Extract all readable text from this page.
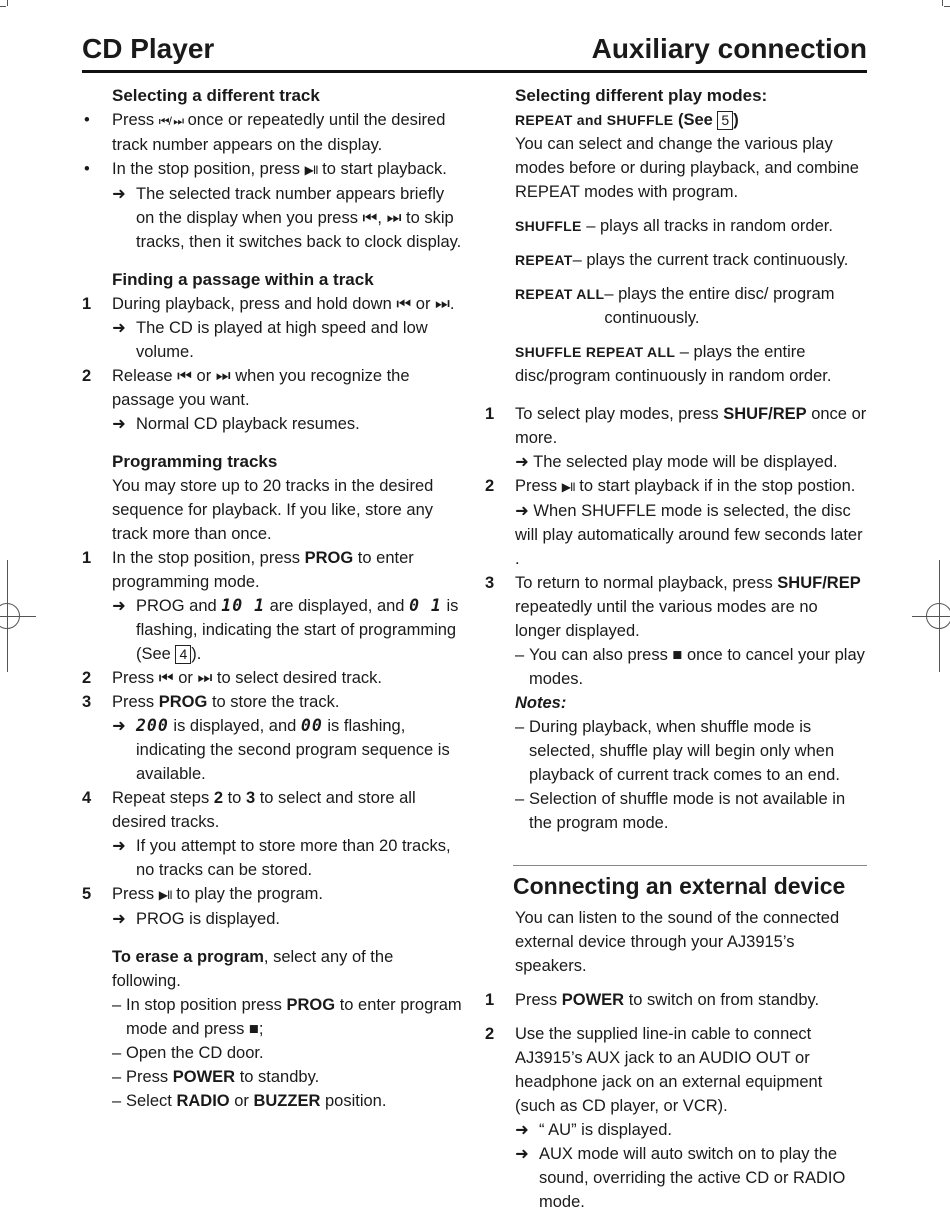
CD Player	Auxiliary connection
Selecting a different track
• Press ⏮/ ⏭ once or repeatedly until the desired track number appears on the display.
• In the stop position, press ▶II to start playback.
➜ The selected track number appears briefly on the display when you press ⏮, ⏭ to skip tracks, then it switches back to clock display.
Finding a passage within a track
1 During playback, press and hold down ⏮ or ⏭.
➜ The CD is played at high speed and low volume.
2 Release ⏮ or ⏭ when you recognize the passage you want.
➜ Normal CD playback resumes.
Programming tracks
You may store up to 20 tracks in the desired sequence for playback. If you like, store any track more than once.
1 In the stop position, press PROG to enter programming mode.
➜ PROG and 10 1 are displayed, and 0 1 is flashing, indicating the start of programming (See 4 ).
2 Press ⏮ or ⏭ to select desired track.
3 Press PROG to store the track.
➜ 200 is displayed, and 00 is flashing, indicating the second program sequence is available.
4 Repeat steps 2 to 3 to select and store all desired tracks.
➜ If you attempt to store more than 20 tracks, no tracks can be stored.
5 Press ▶II to play the program.
➜ PROG is displayed.
To erase a program, select any of the following.
– In stop position press PROG to enter program mode and press ■;
– Open the CD door.
– Press POWER to standby.
– Select RADIO or BUZZER position.
Selecting different play modes:
REPEAT and SHUFFLE (See 5 )
You can select and change the various play modes before or during playback, and combine REPEAT modes with program.
SHUFFLE – plays all tracks in random order.
REPEAT – plays the current track continuously.
REPEAT ALL – plays the entire disc/ program continuously.
SHUFFLE REPEAT ALL – plays the entire disc/program continuously in random order.
1 To select play modes, press SHUF/REP once or more.
➜ The selected play mode will be displayed.
2 Press ▶II to start playback if in the stop postion.
➜ When SHUFFLE mode is selected, the disc will play automatically around few seconds later .
3 To return to normal playback, press SHUF/REP repeatedly until the various modes are no longer displayed.
– You can also press ■ once to cancel your play modes.
Notes:
– During playback, when shuffle mode is selected, shuffle play will begin only when playback of current track comes to an end.
– Selection of shuffle mode is not available in the program mode.
Connecting an external device
You can listen to the sound of the connected external device through your AJ3915’s speakers.
1 Press POWER to switch on from standby.
2 Use the supplied line-in cable to connect AJ3915’s AUX jack to an AUDIO OUT or headphone jack on an external equipment (such as CD player, or VCR).
➜ “ AU” is displayed.
➜ AUX mode will auto switch on to play the sound, overriding the active CD or RADIO mode.
